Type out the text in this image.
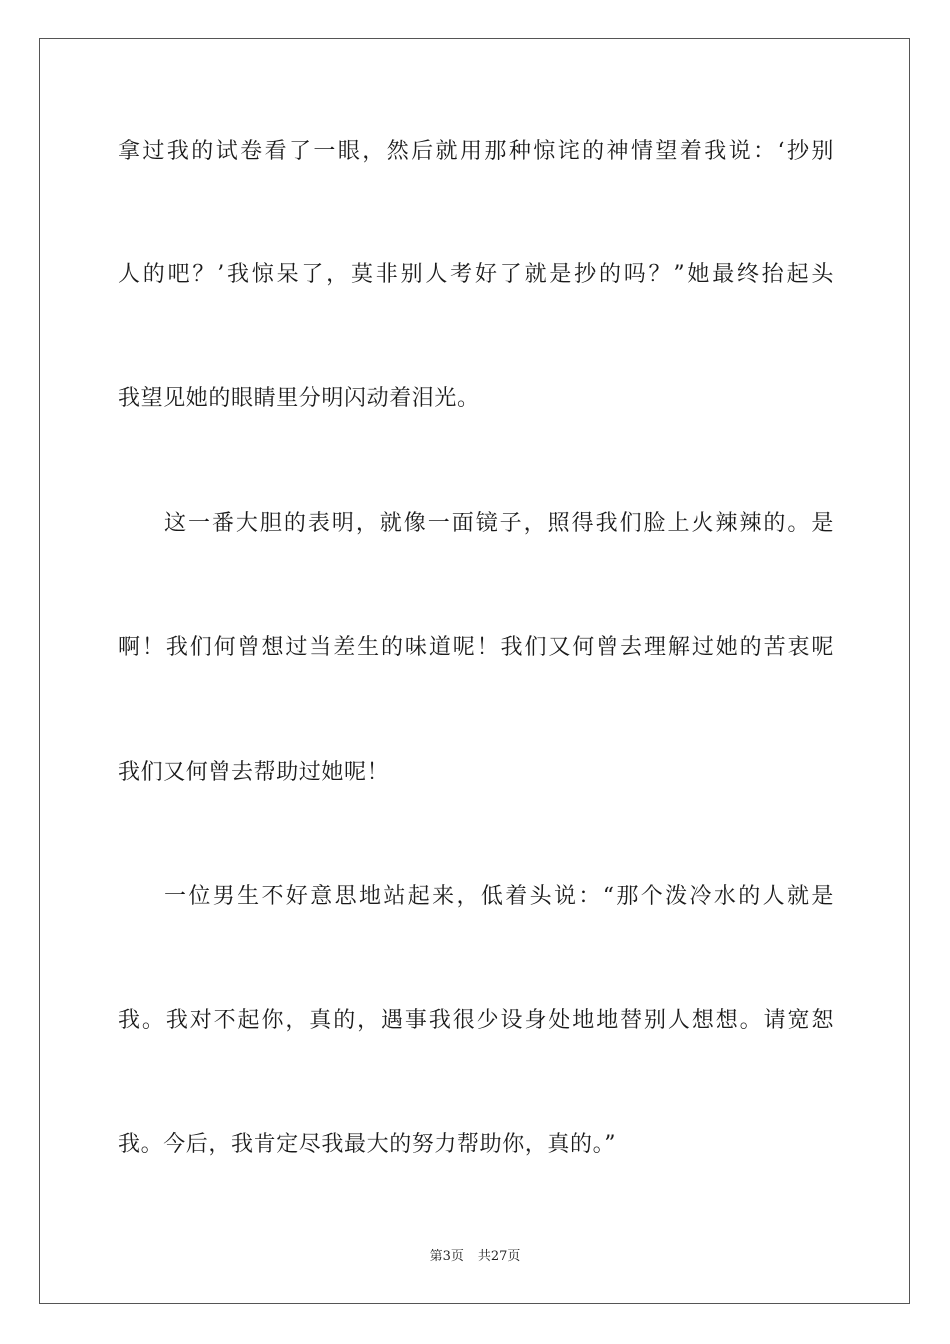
拿过我的试卷看了一眼，然后就用那种惊诧的神情望着我说：‘抄别
人的吧？’我惊呆了，莫非别人考好了就是抄的吗？”她最终抬起头
我望见她的眼睛里分明闪动着泪光。
这一番大胆的表明，就像一面镜子，照得我们脸上火辣辣的。是
啊！我们何曾想过当差生的味道呢！我们又何曾去理解过她的苦衷呢
我们又何曾去帮助过她呢！
一位男生不好意思地站起来，低着头说：“那个泼冷水的人就是
我。我对不起你，真的，遇事我很少设身处地地替别人想想。请宽恕
我。今后，我肯定尽我最大的努力帮助你，真的。”
第3页 共27页
